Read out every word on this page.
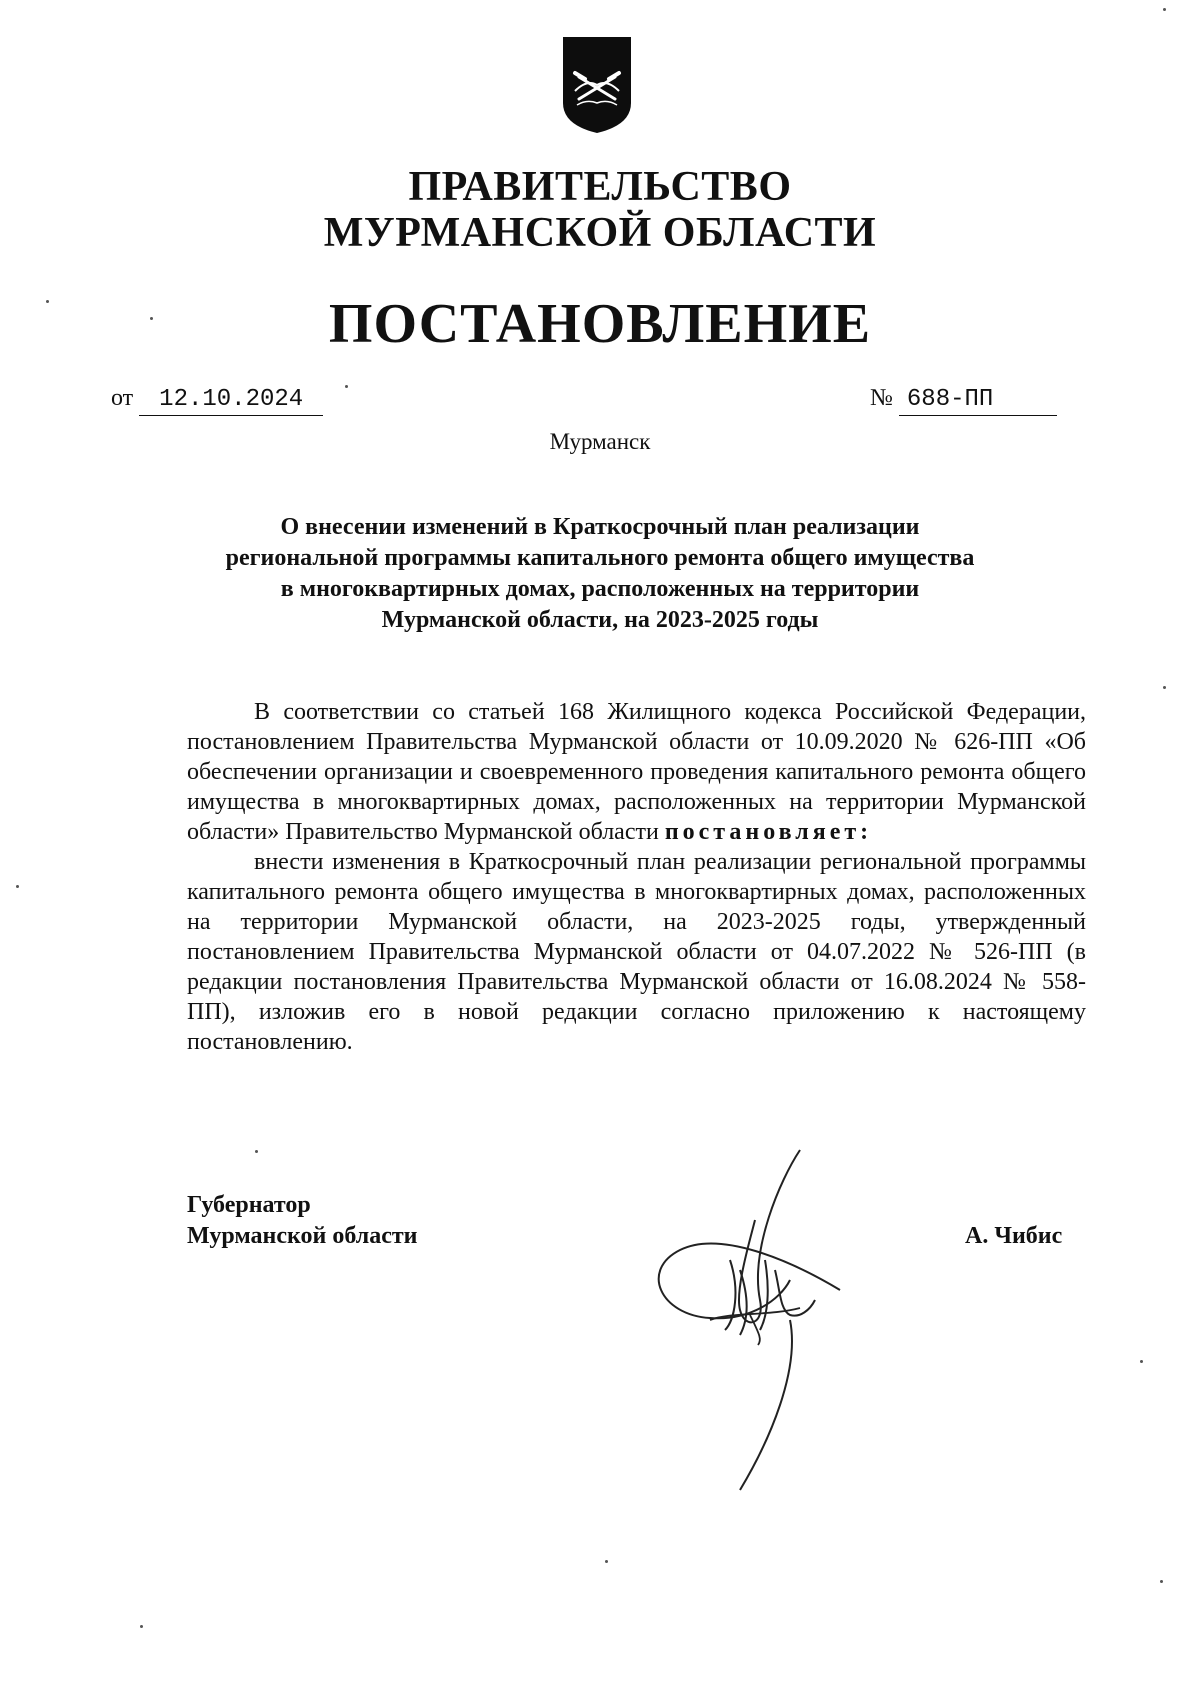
ПРАВИТЕЛЬСТВО
МУРМАНСКОЙ ОБЛАСТИ
ПОСТАНОВЛЕНИЕ
от 12.10.2024	№ 688-ПП
Мурманск
О внесении изменений в Краткосрочный план реализации
региональной программы капитального ремонта общего имущества
в многоквартирных домах, расположенных на территории
Мурманской области, на 2023-2025 годы

В соответствии со статьей 168 Жилищного кодекса Российской Федерации, постановлением Правительства Мурманской области от 10.09.2020 № 626-ПП «Об обеспечении организации и своевременного проведения капитального ремонта общего имущества в многоквартирных домах, расположенных на территории Мурманской области» Правительство Мурманской области постановляет:

внести изменения в Краткосрочный план реализации региональной программы капитального ремонта общего имущества в многоквартирных домах, расположенных на территории Мурманской области, на 2023-2025 годы, утвержденный постановлением Правительства Мурманской области от 04.07.2022 № 526-ПП (в редакции постановления Правительства Мурманской области от 16.08.2024 № 558-ПП), изложив его в новой редакции согласно приложению к настоящему постановлению.

Губернатор
Мурманской области	А. Чибис
